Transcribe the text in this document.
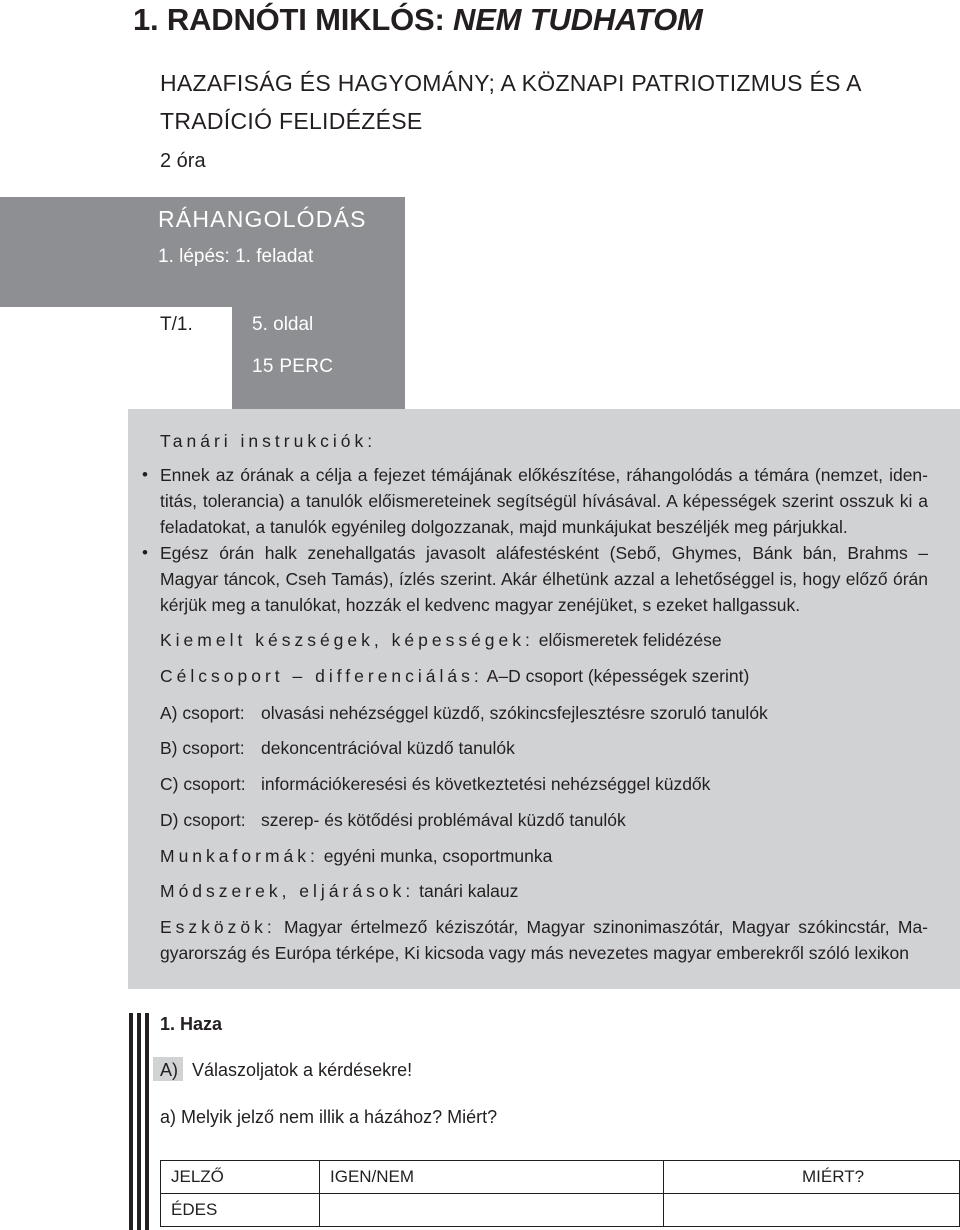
1. RADNÓTI MIKLÓS: NEM TUDHATOM
HAZAFISÁG ÉS HAGYOMÁNY; A KÖZNAPI PATRIOTIZMUS ÉS A TRADÍCIÓ FELIDÉZÉSE
2 óra
RÁHANGOLÓDÁS
1. lépés: 1. feladat
T/1.	5. oldal
15 PERC
Tanári instrukciók:
• Ennek az órának a célja a fejezet témájának előkészítése, ráhangolódás a témára (nemzet, identitás, tolerancia) a tanulók előismereteinek segítségül hívásával. A képességek szerint osszuk ki a feladatokat, a tanulók egyénileg dolgozzanak, majd munkájukat beszéljék meg párjukkal.
• Egész órán halk zenehallgatás javasolt aláfestésként (Sebő, Ghymes, Bánk bán, Brahms – Magyar táncok, Cseh Tamás), ízlés szerint. Akár élhetünk azzal a lehetőséggel is, hogy előző órán kérjük meg a tanulókat, hozzák el kedvenc magyar zenéjüket, s ezeket hallgassuk.
Kiemelt készségek, képességek: előismeretek felidézése
Célcsoport – differenciálás: A–D csoport (képességek szerint)
A) csoport: olvasási nehézséggel küzdő, szókincsfejlesztésre szoruló tanulók
B) csoport: dekoncentrációval küzdő tanulók
C) csoport: információkeresési és következtetési nehézséggel küzdők
D) csoport: szerep- és kötődési problémával küzdő tanulók
Munkaformák: egyéni munka, csoportmunka
Módszerek, eljárások: tanári kalauz
Eszközök: Magyar értelmező kéziszótár, Magyar szinonimaszótár, Magyar szókincstár, Magyarország és Európa térképe, Ki kicsoda vagy más nevezetes magyar emberekről szóló lexikon
1. Haza
A) Válaszoljatok a kérdésekre!
a) Melyik jelző nem illik a házához? Miért?
JELZŐ	IGEN/NEM	MIÉRT?
ÉDES		
